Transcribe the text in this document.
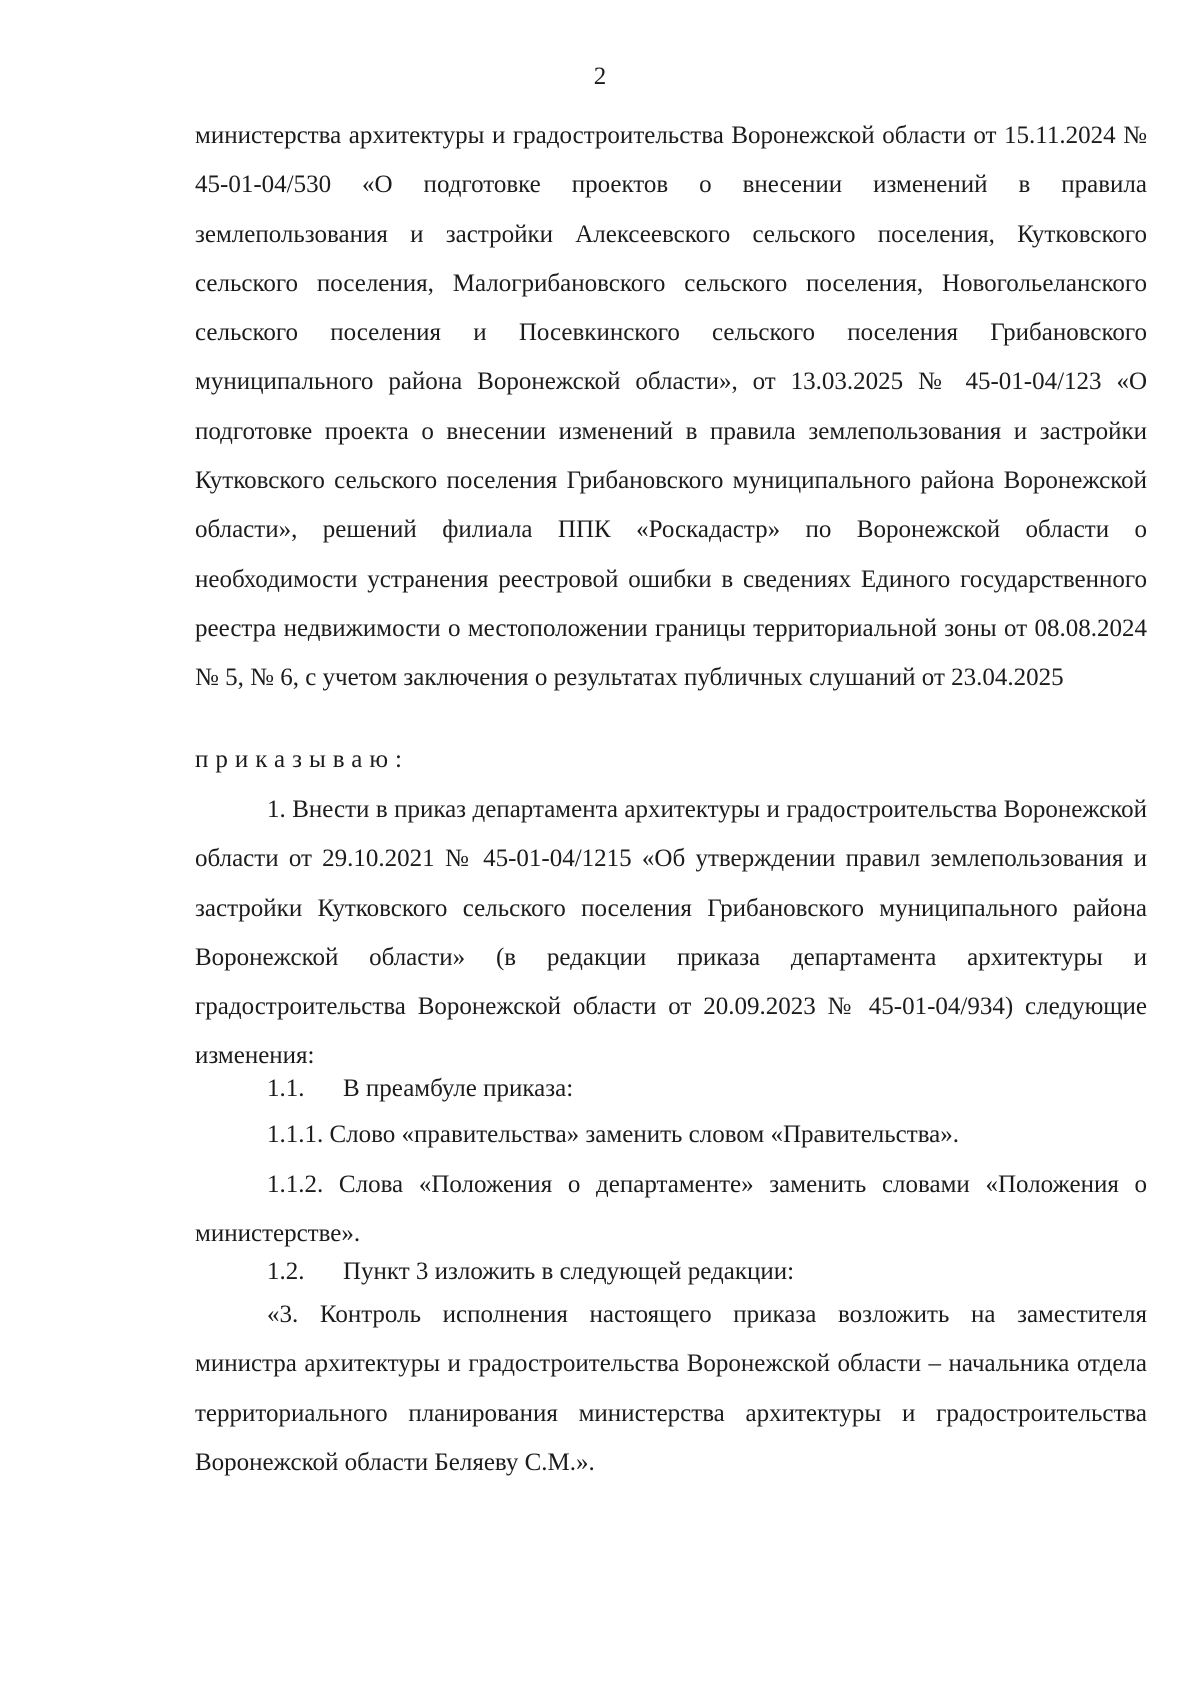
2

министерства архитектуры и градостроительства Воронежской области от 15.11.2024 № 45-01-04/530 «О подготовке проектов о внесении изменений в правила землепользования и застройки Алексеевского сельского поселения, Кутковского сельского поселения, Малогрибановского сельского поселения, Новогольеланского сельского поселения и Посевкинского сельского поселения Грибановского муниципального района Воронежской области», от 13.03.2025 № 45-01-04/123 «О подготовке проекта о внесении изменений в правила землепользования и застройки Кутковского сельского поселения Грибановского муниципального района Воронежской области», решений филиала ППК «Роскадастр» по Воронежской области о необходимости устранения реестровой ошибки в сведениях Единого государственного реестра недвижимости о местоположении границы территориальной зоны от 08.08.2024 № 5, № 6, с учетом заключения о результатах публичных слушаний от 23.04.2025

приказываю:

1. Внести в приказ департамента архитектуры и градостроительства Воронежской области от 29.10.2021 № 45-01-04/1215 «Об утверждении правил землепользования и застройки Кутковского сельского поселения Грибановского муниципального района Воронежской области» (в редакции приказа департамента архитектуры и градостроительства Воронежской области от 20.09.2023 № 45-01-04/934) следующие изменения:

1.1. В преамбуле приказа:

1.1.1. Слово «правительства» заменить словом «Правительства».

1.1.2. Слова «Положения о департаменте» заменить словами «Положения о министерстве».

1.2. Пункт 3 изложить в следующей редакции:

«3. Контроль исполнения настоящего приказа возложить на заместителя министра архитектуры и градостроительства Воронежской области – начальника отдела территориального планирования министерства архитектуры и градостроительства Воронежской области Беляеву С.М.».
